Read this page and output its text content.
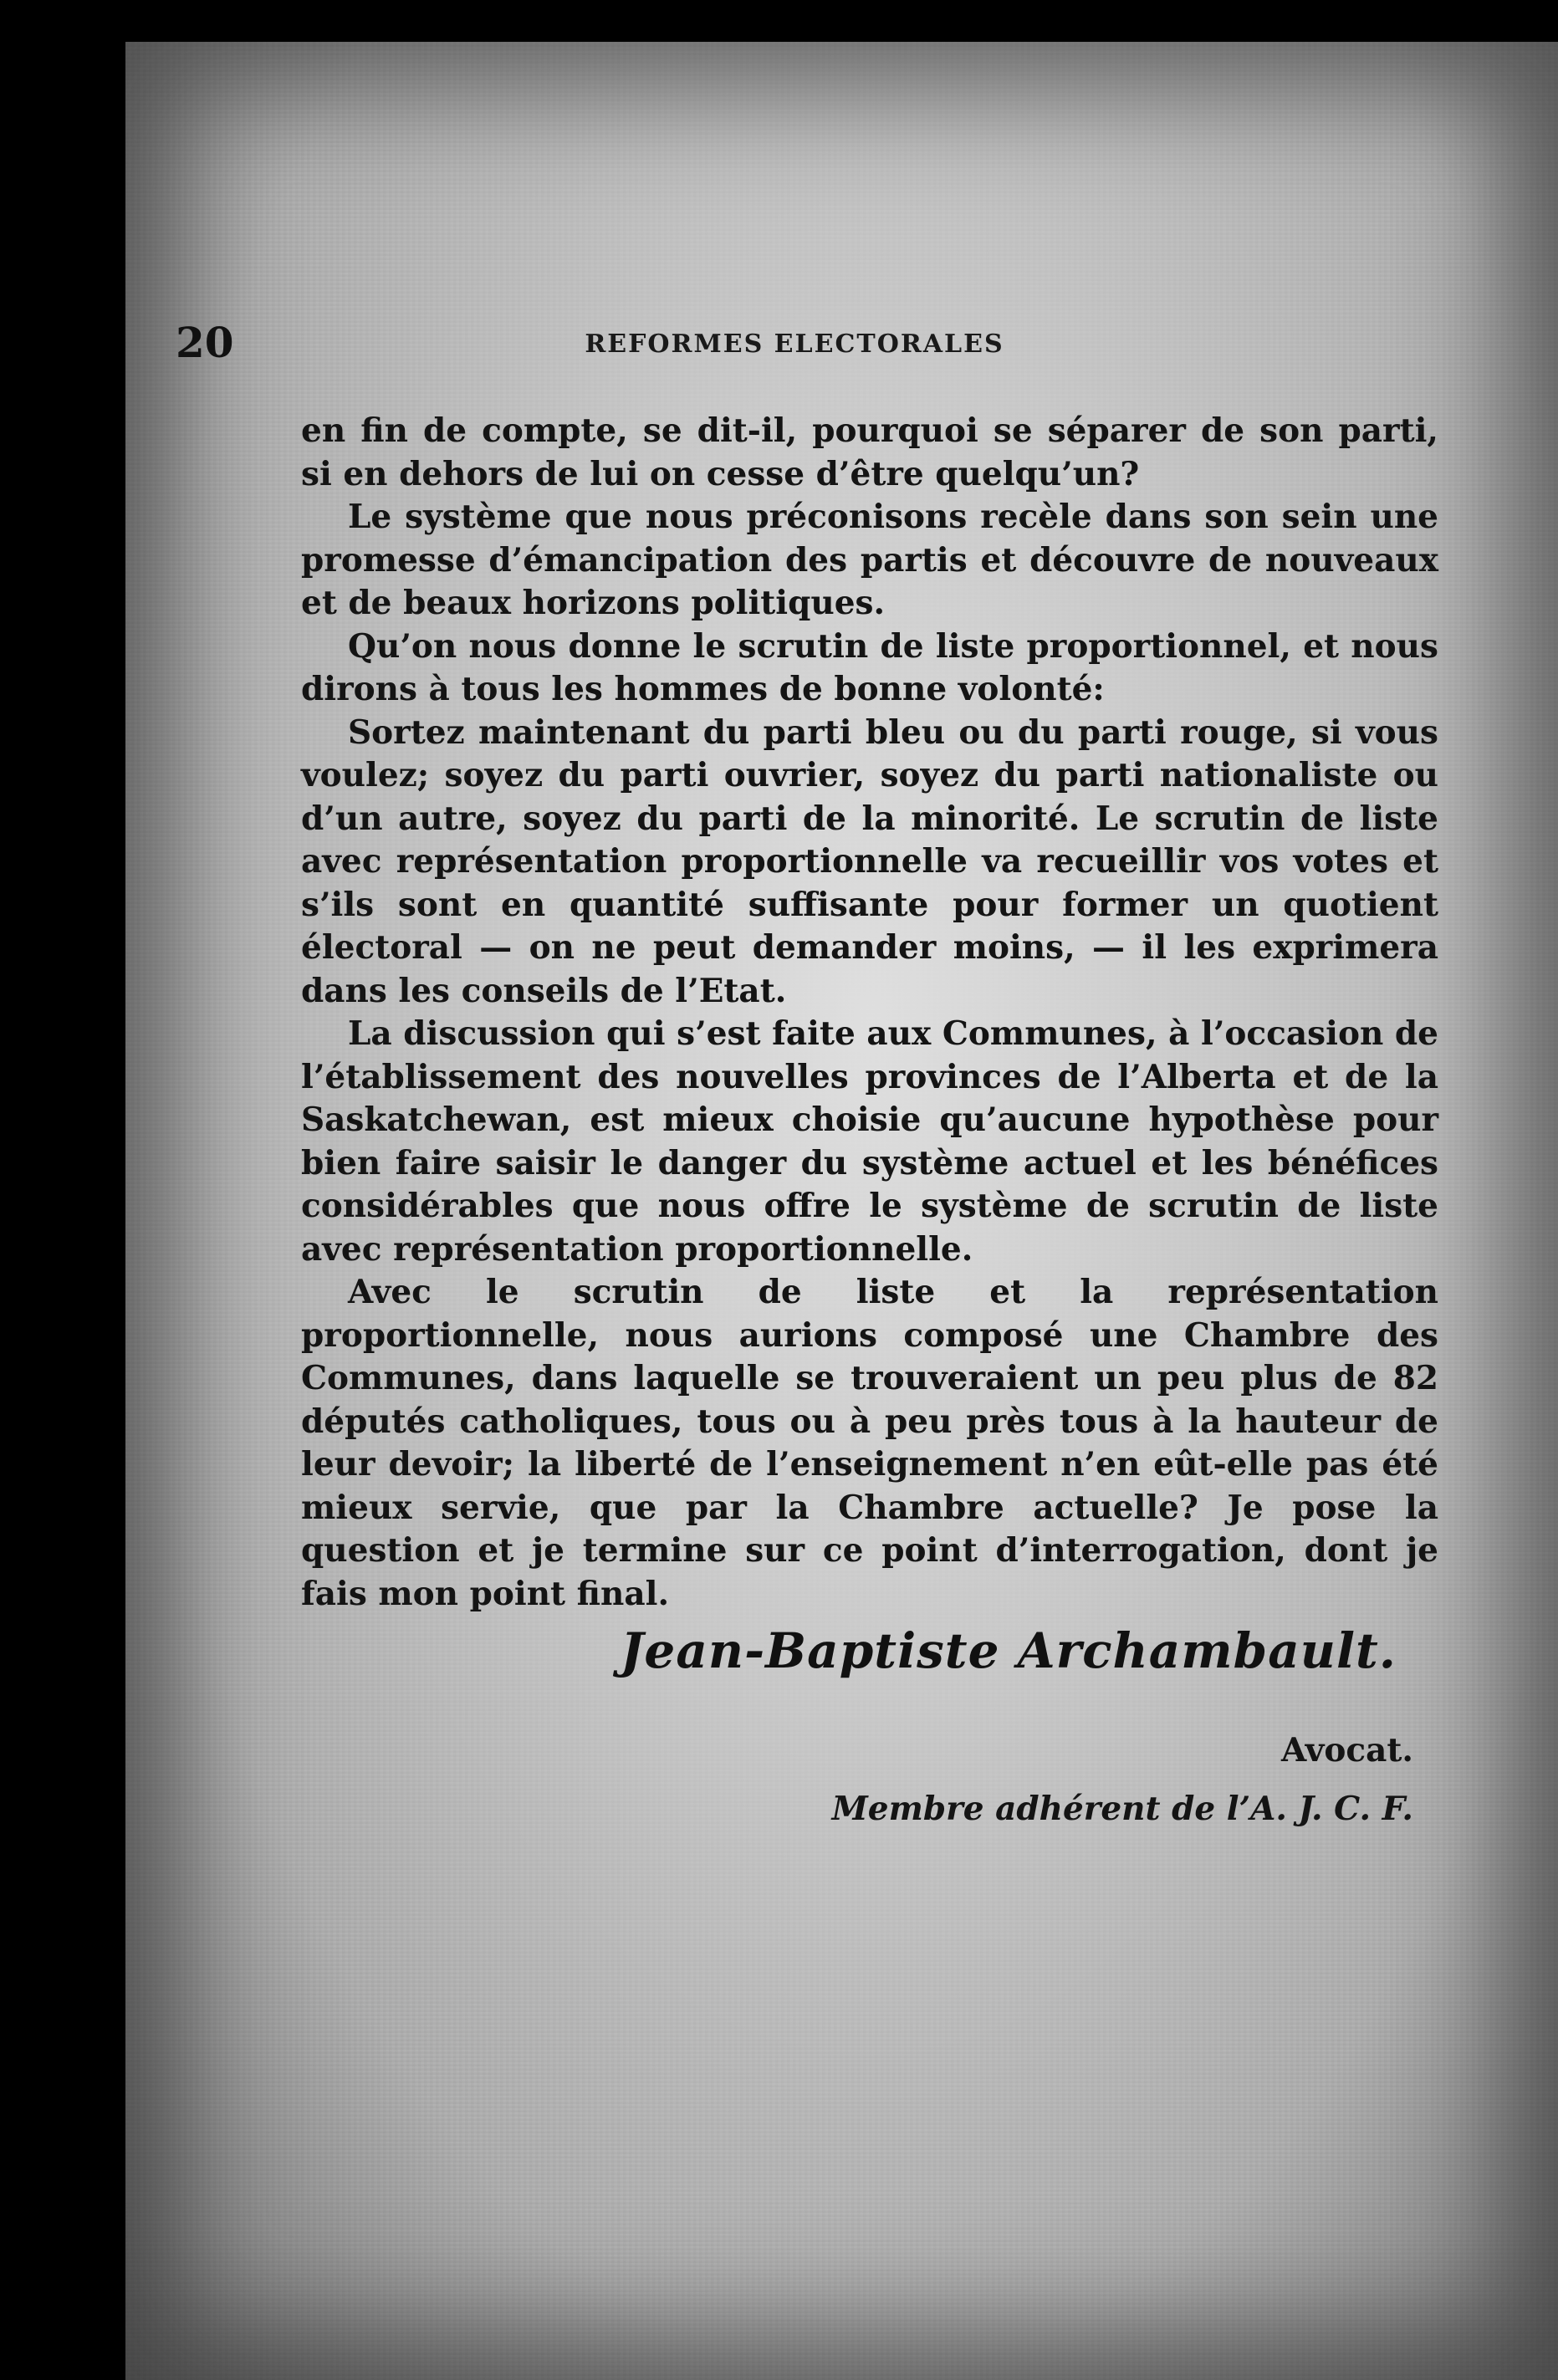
20	REFORMES ELECTORALES

en fin de compte, se dit-il, pourquoi se séparer de son parti, si en dehors de lui on cesse d’être quelqu’un?

Le système que nous préconisons recèle dans son sein une promesse d’émancipation des partis et découvre de nouveaux et de beaux horizons politiques.

Qu’on nous donne le scrutin de liste proportionnel, et nous dirons à tous les hommes de bonne volonté:

Sortez maintenant du parti bleu ou du parti rouge, si vous voulez; soyez du parti ouvrier, soyez du parti nationaliste ou d’un autre, soyez du parti de la minorité. Le scrutin de liste avec représentation proportionnelle va recueillir vos votes et s’ils sont en quantité suffisante pour former un quotient électoral — on ne peut demander moins, — il les exprimera dans les conseils de l’Etat.

La discussion qui s’est faite aux Communes, à l’occasion de l’établissement des nouvelles provinces de l’Alberta et de la Saskatchewan, est mieux choisie qu’aucune hypothèse pour bien faire saisir le danger du système actuel et les bénéfices considérables que nous offre le système de scrutin de liste avec représentation proportionnelle.

Avec le scrutin de liste et la représentation proportionnelle, nous aurions composé une Chambre des Communes, dans laquelle se trouveraient un peu plus de 82 députés catholiques, tous ou à peu près tous à la hauteur de leur devoir; la liberté de l’enseignement n’en eût-elle pas été mieux servie, que par la Chambre actuelle? Je pose la question et je termine sur ce point d’interrogation, dont je fais mon point final.

Jean-Baptiste Archambault.
Avocat.
Membre adhérent de l’A. J. C. F.
